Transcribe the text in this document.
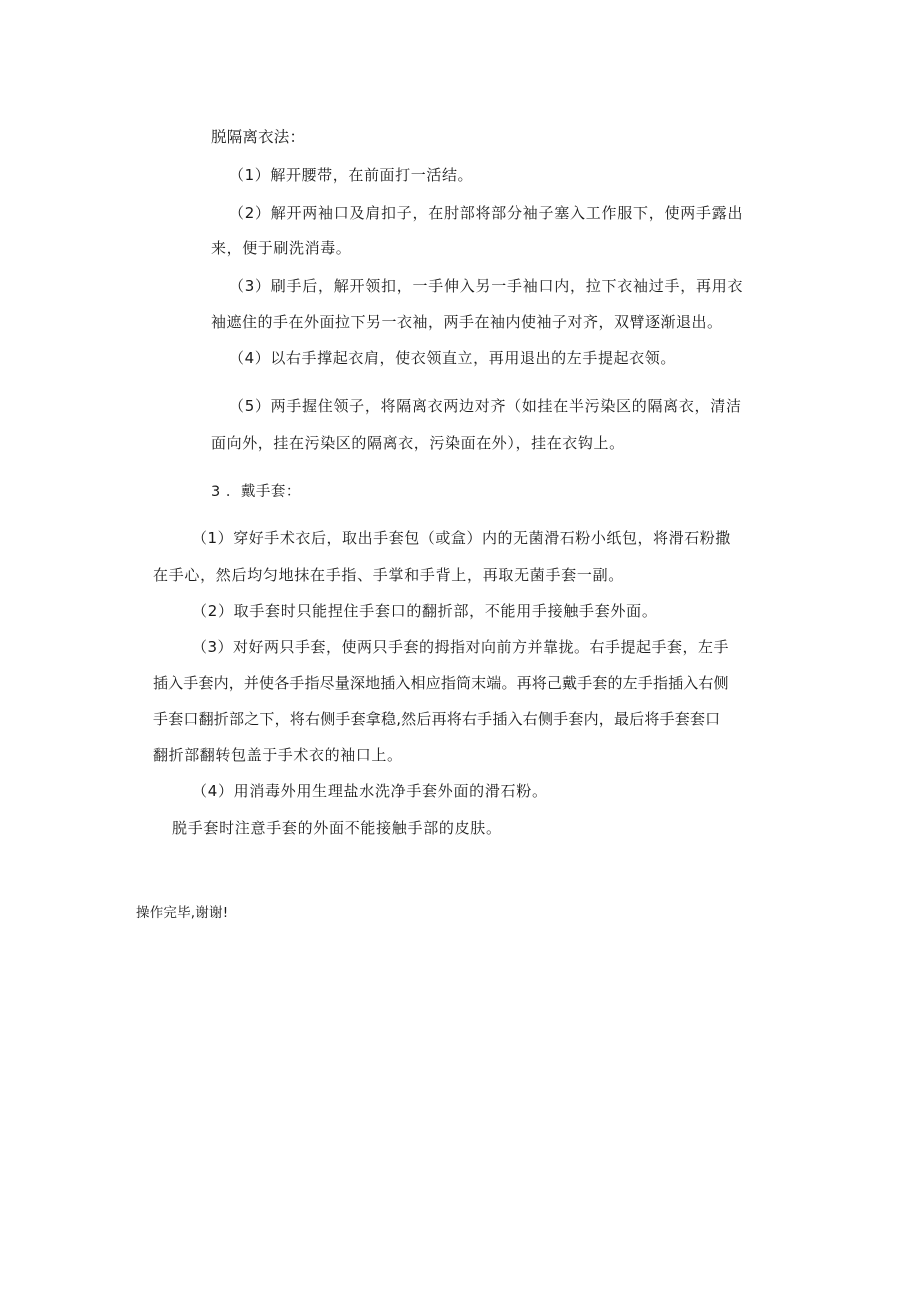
脱隔离衣法：
（1）解开腰带，在前面打一活结。
（2）解开两袖口及肩扣子，在肘部将部分袖子塞入工作服下，使两手露出
来，便于刷洗消毒。
（3）刷手后，解开领扣，一手伸入另一手袖口内，拉下衣袖过手，再用衣
袖遮住的手在外面拉下另一衣袖，两手在袖内使袖子对齐，双臂逐渐退出。
（4）以右手撑起衣肩，使衣领直立，再用退出的左手提起衣领。
（5）两手握住领子，将隔离衣两边对齐（如挂在半污染区的隔离衣，清洁
面向外，挂在污染区的隔离衣，污染面在外），挂在衣钩上。
3 ．戴手套：
（1）穿好手术衣后，取出手套包（或盒）内的无菌滑石粉小纸包，将滑石粉撒
在手心，然后均匀地抹在手指、手掌和手背上，再取无菌手套一副。
（2）取手套时只能捏住手套口的翻折部，不能用手接触手套外面。
（3）对好两只手套，使两只手套的拇指对向前方并靠拢。右手提起手套，左手
插入手套内，并使各手指尽量深地插入相应指筒末端。再将己戴手套的左手指插入右侧
手套口翻折部之下，将右侧手套拿稳,然后再将右手插入右侧手套内，最后将手套套口
翻折部翻转包盖于手术衣的袖口上。
（4）用消毒外用生理盐水洗净手套外面的滑石粉。
脱手套时注意手套的外面不能接触手部的皮肤。
操作完毕,谢谢!
